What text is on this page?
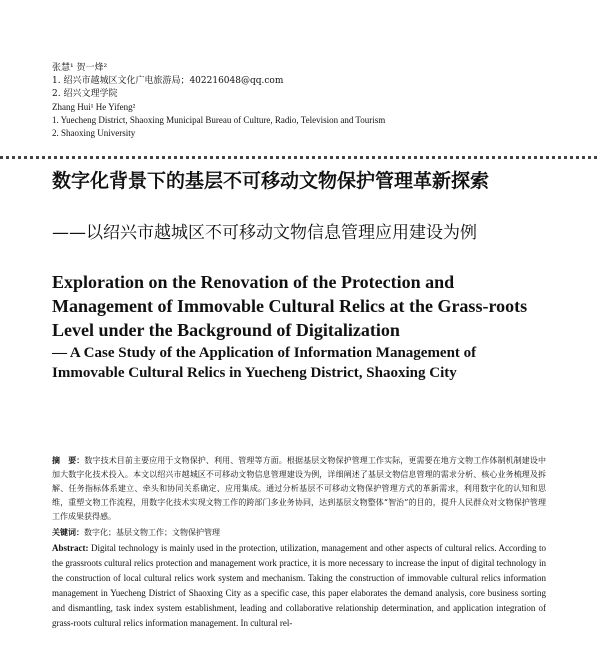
张慧¹ 贺一烽²
1. 绍兴市越城区文化广电旅游局；402216048@qq.com
2. 绍兴文理学院
Zhang Hui¹ He Yifeng²
1. Yuecheng District, Shaoxing Municipal Bureau of Culture, Radio, Television and Tourism
2. Shaoxing University
数字化背景下的基层不可移动文物保护管理革新探索
——以绍兴市越城区不可移动文物信息管理应用建设为例
Exploration on the Renovation of the Protection and Management of Immovable Cultural Relics at the Grass-roots Level under the Background of Digitalization
— A Case Study of the Application of Information Management of Immovable Cultural Relics in Yuecheng District, Shaoxing City
摘　要：数字技术目前主要应用于文物保护、利用、管理等方面。根据基层文物保护管理工作实际，更需要在地方文物工作体制机制建设中加大数字化技术投入。本文以绍兴市越城区不可移动文物信息管理建设为例，详细阐述了基层文物信息管理的需求分析、核心业务梳理及拆解、任务指标体系建立、牵头和协同关系确定、应用集成。通过分析基层不可移动文物保护管理方式的革新需求，利用数字化的认知和思维，重塑文物工作流程，用数字化技术实现文物工作的跨部门多业务协同，达到基层文物整体“智治”的目的，提升人民群众对文物保护管理工作成果获得感。
关键词：数字化；基层文物工作；文物保护管理
Abstract: Digital technology is mainly used in the protection, utilization, management and other aspects of cultural relics. According to the grassroots cultural relics protection and management work practice, it is more necessary to increase the input of digital technology in the construction of local cultural relics work system and mechanism. Taking the construction of immovable cultural relics information management in Yuecheng District of Shaoxing City as a specific case, this paper elaborates the demand analysis, core business sorting and dismantling, task index system establishment, leading and collaborative relationship determination, and application integration of grass-roots cultural relics information management. In cultural rel-
